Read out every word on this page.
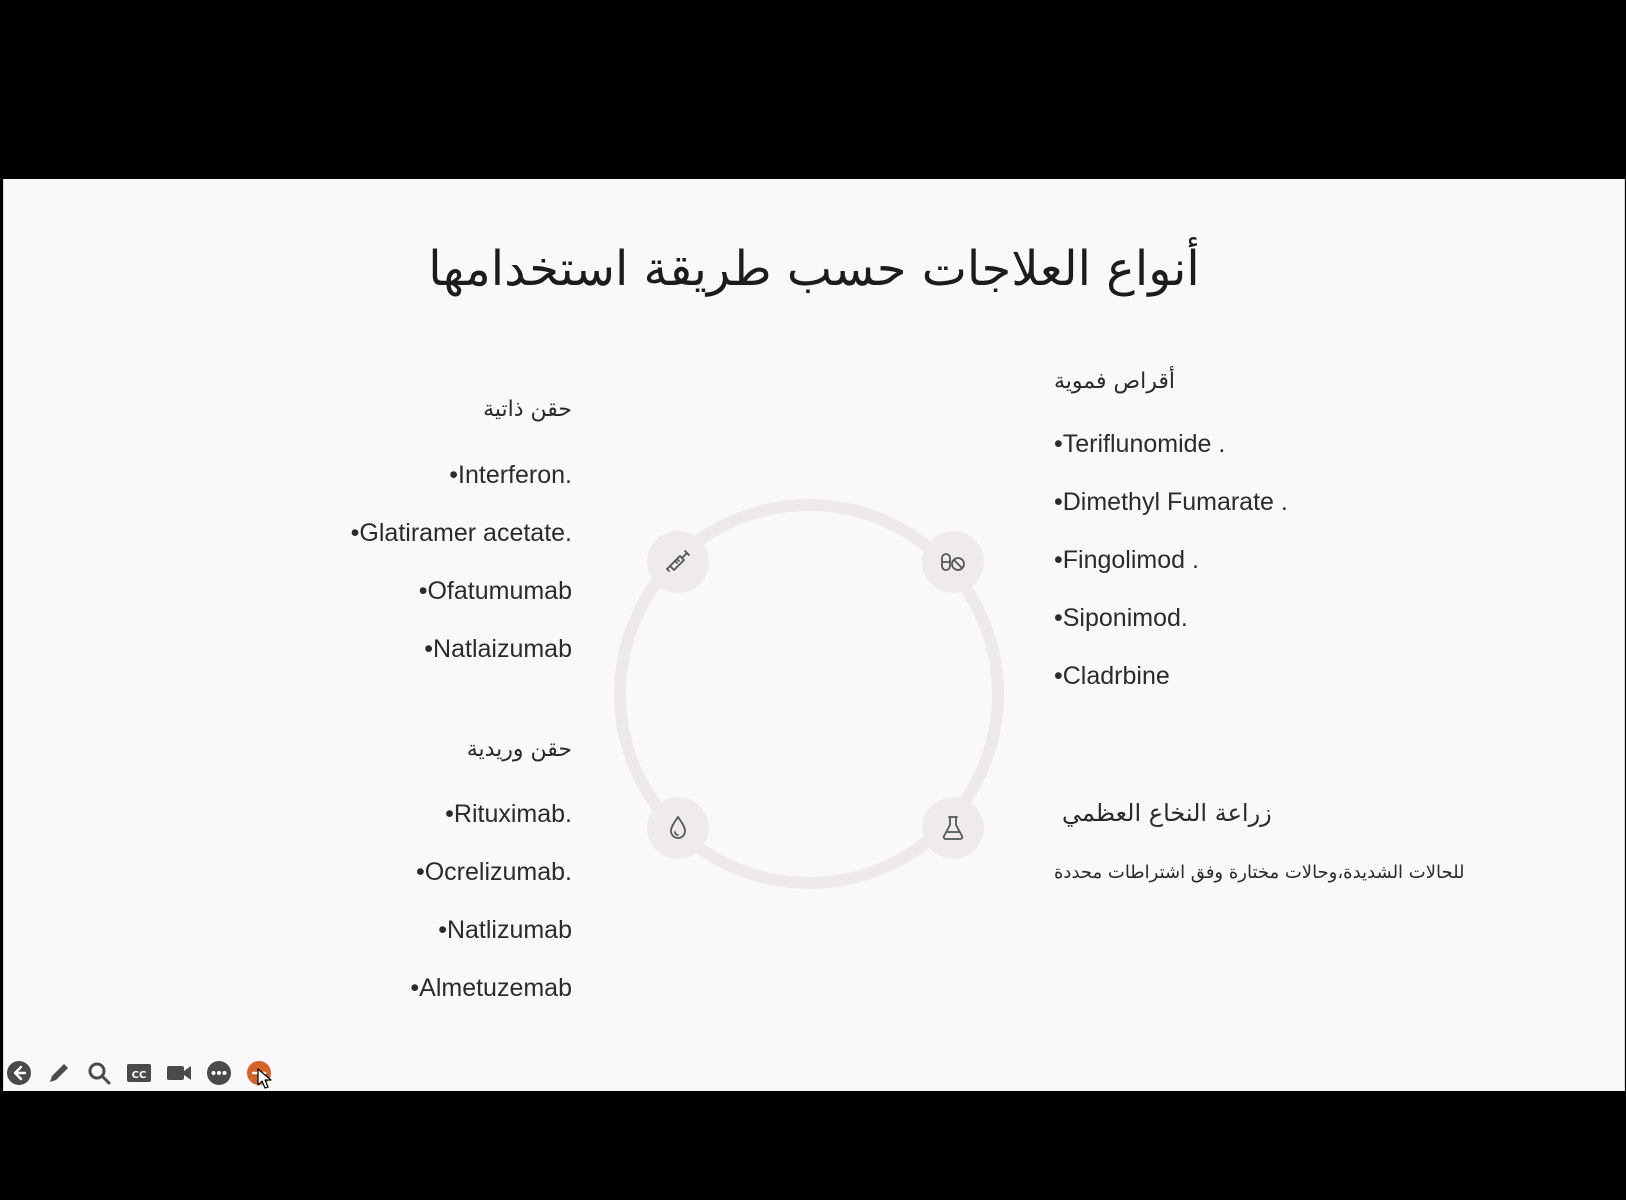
أنواع العلاجات حسب طريقة استخدامها
حقن ذاتية
•Interferon.
•Glatiramer acetate.
•Ofatumumab
•Natlaizumab
حقن وريدية
•Rituximab.
•Ocrelizumab.
•Natlizumab
•Almetuzemab
أقراص فموية
•Teriflunomide .
•Dimethyl Fumarate .
•Fingolimod .
•Siponimod.
•Cladrbine
زراعة النخاع العظمي
للحالات الشديدة،وحالات مختارة وفق اشتراطات محددة
CC
